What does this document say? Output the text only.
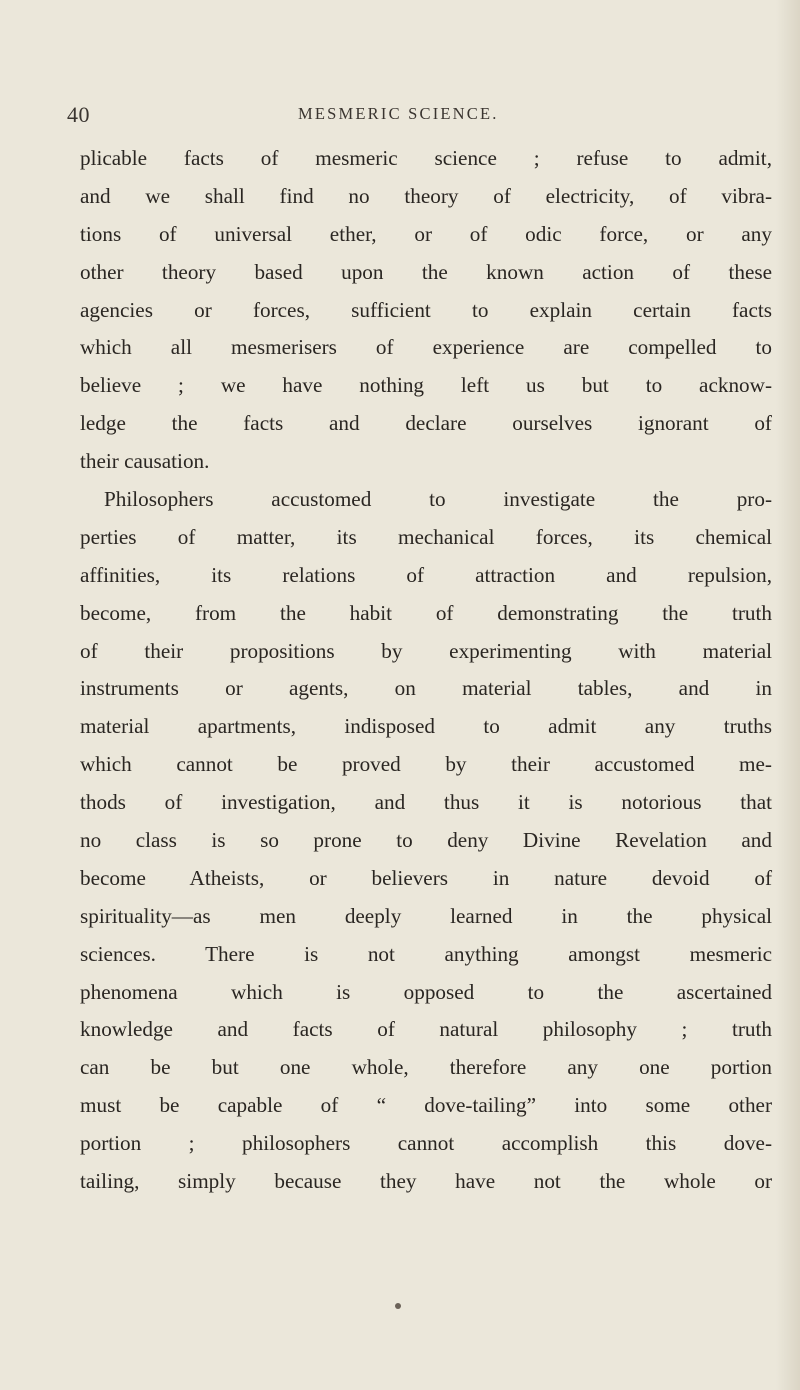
40	MESMERIC SCIENCE.
plicable facts of mesmeric science ; refuse to admit,
and we shall find no theory of electricity, of vibra-
tions of universal ether, or of odic force, or any
other theory based upon the known action of these
agencies or forces, sufficient to explain certain facts
which all mesmerisers of experience are compelled to
believe ; we have nothing left us but to acknow-
ledge the facts and declare ourselves ignorant of
their causation.
Philosophers accustomed to investigate the pro-
perties of matter, its mechanical forces, its chemical
affinities, its relations of attraction and repulsion,
become, from the habit of demonstrating the truth
of their propositions by experimenting with material
instruments or agents, on material tables, and in
material apartments, indisposed to admit any truths
which cannot be proved by their accustomed me-
thods of investigation, and thus it is notorious that
no class is so prone to deny Divine Revelation and
become Atheists, or believers in nature devoid of
spirituality—as men deeply learned in the physical
sciences. There is not anything amongst mesmeric
phenomena which is opposed to the ascertained
knowledge and facts of natural philosophy ; truth
can be but one whole, therefore any one portion
must be capable of “ dove-tailing” into some other
portion ; philosophers cannot accomplish this dove-
tailing, simply because they have not the whole or
